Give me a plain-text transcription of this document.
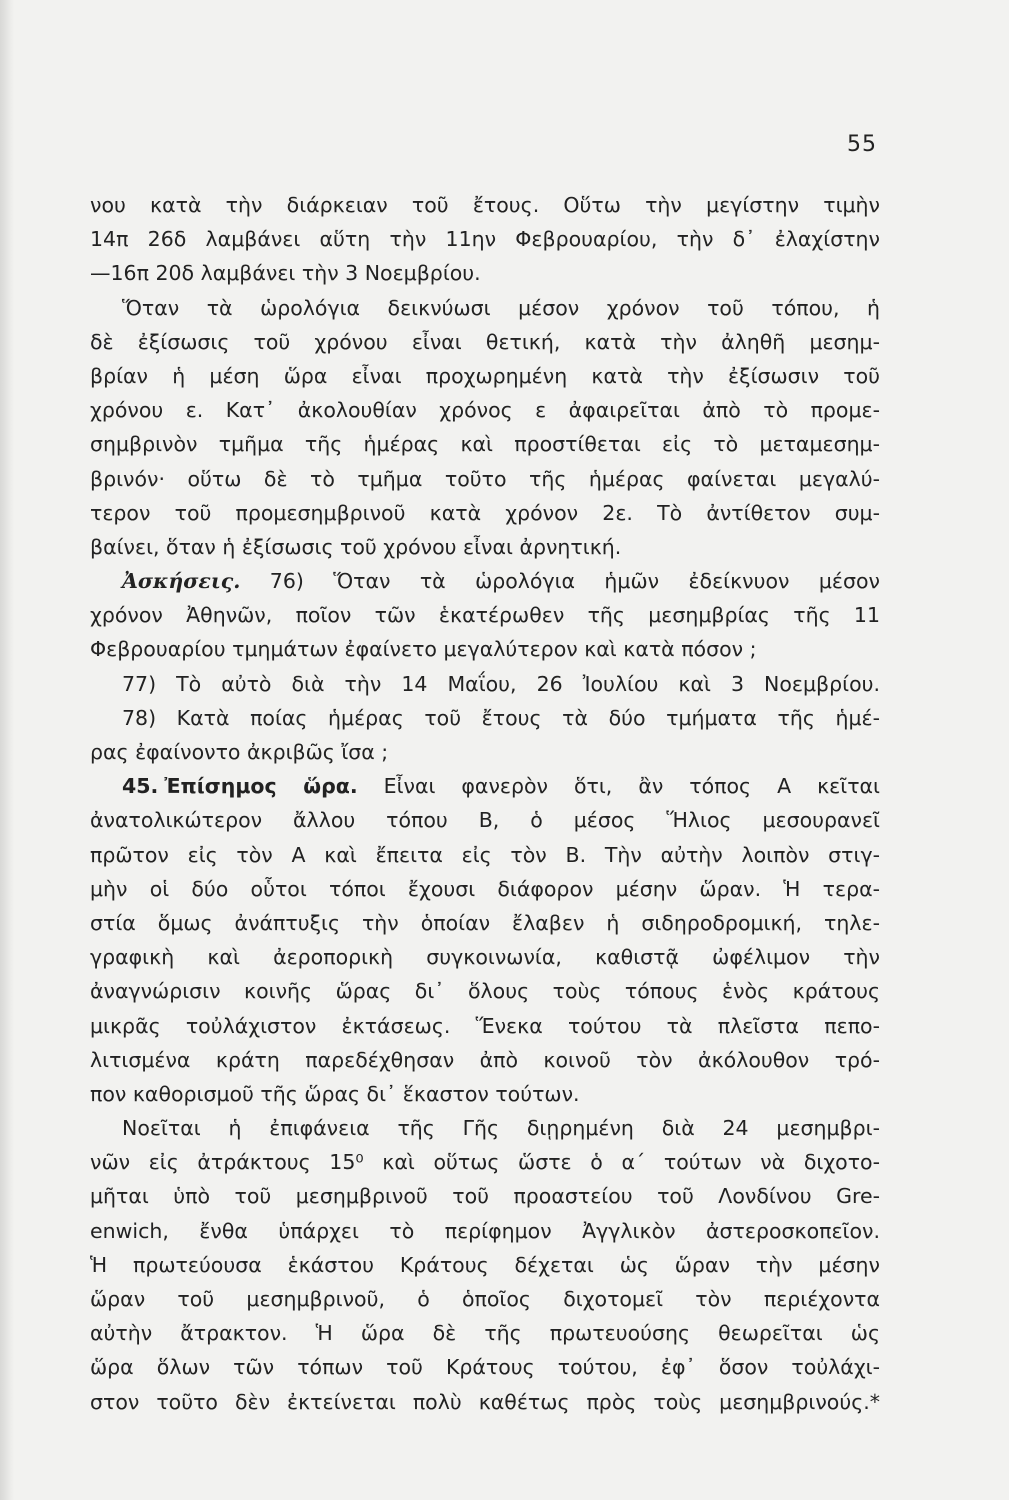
55
νου κατὰ τὴν διάρκειαν τοῦ ἔτους. Οὕτω τὴν μεγίστην τιμὴν
14π 26δ λαμβάνει αὕτη τὴν 11ην Φεβρουαρίου, τὴν δ᾽ ἐλαχίστην
—16π 20δ λαμβάνει τὴν 3 Νοεμβρίου.
Ὅταν τὰ ὡρολόγια δεικνύωσι μέσον χρόνον τοῦ τόπου, ἡ
δὲ ἐξίσωσις τοῦ χρόνου εἶναι θετική, κατὰ τὴν ἀληθῆ μεσημ-
βρίαν ἡ μέση ὥρα εἶναι προχωρημένη κατὰ τὴν ἐξίσωσιν τοῦ
χρόνου ε. Κατ᾽ ἀκολουθίαν χρόνος ε ἀφαιρεῖται ἀπὸ τὸ προμε-
σημβρινὸν τμῆμα τῆς ἡμέρας καὶ προστίθεται εἰς τὸ μεταμεσημ-
βρινόν· οὕτω δὲ τὸ τμῆμα τοῦτο τῆς ἡμέρας φαίνεται μεγαλύ-
τερον τοῦ προμεσημβρινοῦ κατὰ χρόνον 2ε. Τὸ ἀντίθετον συμ-
βαίνει, ὅταν ἡ ἐξίσωσις τοῦ χρόνου εἶναι ἀρνητική.
Ἀσκήσεις. 76) Ὅταν τὰ ὡρολόγια ἡμῶν ἐδείκνυον μέσον
χρόνον Ἀθηνῶν, ποῖον τῶν ἑκατέρωθεν τῆς μεσημβρίας τῆς 11
Φεβρουαρίου τμημάτων ἐφαίνετο μεγαλύτερον καὶ κατὰ πόσον ;
77) Τὸ αὐτὸ διὰ τὴν 14 Μαΐου, 26 Ἰουλίου καὶ 3 Νοεμβρίου.
78) Κατὰ ποίας ἡμέρας τοῦ ἔτους τὰ δύο τμήματα τῆς ἡμέ-
ρας ἐφαίνοντο ἀκριβῶς ἴσα ;
45. Ἐπίσημος ὥρα. Εἶναι φανερὸν ὅτι, ἂν τόπος Α κεῖται
ἀνατολικώτερον ἄλλου τόπου Β, ὁ μέσος Ἥλιος μεσουρανεῖ
πρῶτον εἰς τὸν Α καὶ ἔπειτα εἰς τὸν Β. Τὴν αὐτὴν λοιπὸν στιγ-
μὴν οἱ δύο οὗτοι τόποι ἔχουσι διάφορον μέσην ὥραν. Ἡ τερα-
στία ὅμως ἀνάπτυξις τὴν ὁποίαν ἔλαβεν ἡ σιδηροδρομική, τηλε-
γραφικὴ καὶ ἀεροπορικὴ συγκοινωνία, καθιστᾷ ὠφέλιμον τὴν
ἀναγνώρισιν κοινῆς ὥρας δι᾽ ὅλους τοὺς τόπους ἑνὸς κράτους
μικρᾶς τοὐλάχιστον ἐκτάσεως. Ἕνεκα τούτου τὰ πλεῖστα πεπο-
λιτισμένα κράτη παρεδέχθησαν ἀπὸ κοινοῦ τὸν ἀκόλουθον τρό-
πον καθορισμοῦ τῆς ὥρας δι᾽ ἕκαστον τούτων.
Νοεῖται ἡ ἐπιφάνεια τῆς Γῆς διῃρημένη διὰ 24 μεσημβρι-
νῶν εἰς ἀτράκτους 15⁰ καὶ οὕτως ὥστε ὁ α´ τούτων νὰ διχοτο-
μῆται ὑπὸ τοῦ μεσημβρινοῦ τοῦ προαστείου τοῦ Λονδίνου Gre-
enwich, ἔνθα ὑπάρχει τὸ περίφημον Ἀγγλικὸν ἀστεροσκοπεῖον.
Ἡ πρωτεύουσα ἑκάστου Κράτους δέχεται ὡς ὥραν τὴν μέσην
ὥραν τοῦ μεσημβρινοῦ, ὁ ὁποῖος διχοτομεῖ τὸν περιέχοντα
αὐτὴν ἄτρακτον. Ἡ ὥρα δὲ τῆς πρωτευούσης θεωρεῖται ὡς
ὥρα ὅλων τῶν τόπων τοῦ Κράτους τούτου, ἐφ᾽ ὅσον τοὐλάχι-
στον τοῦτο δὲν ἐκτείνεται πολὺ καθέτως πρὸς τοὺς μεσημβρινούς.*
